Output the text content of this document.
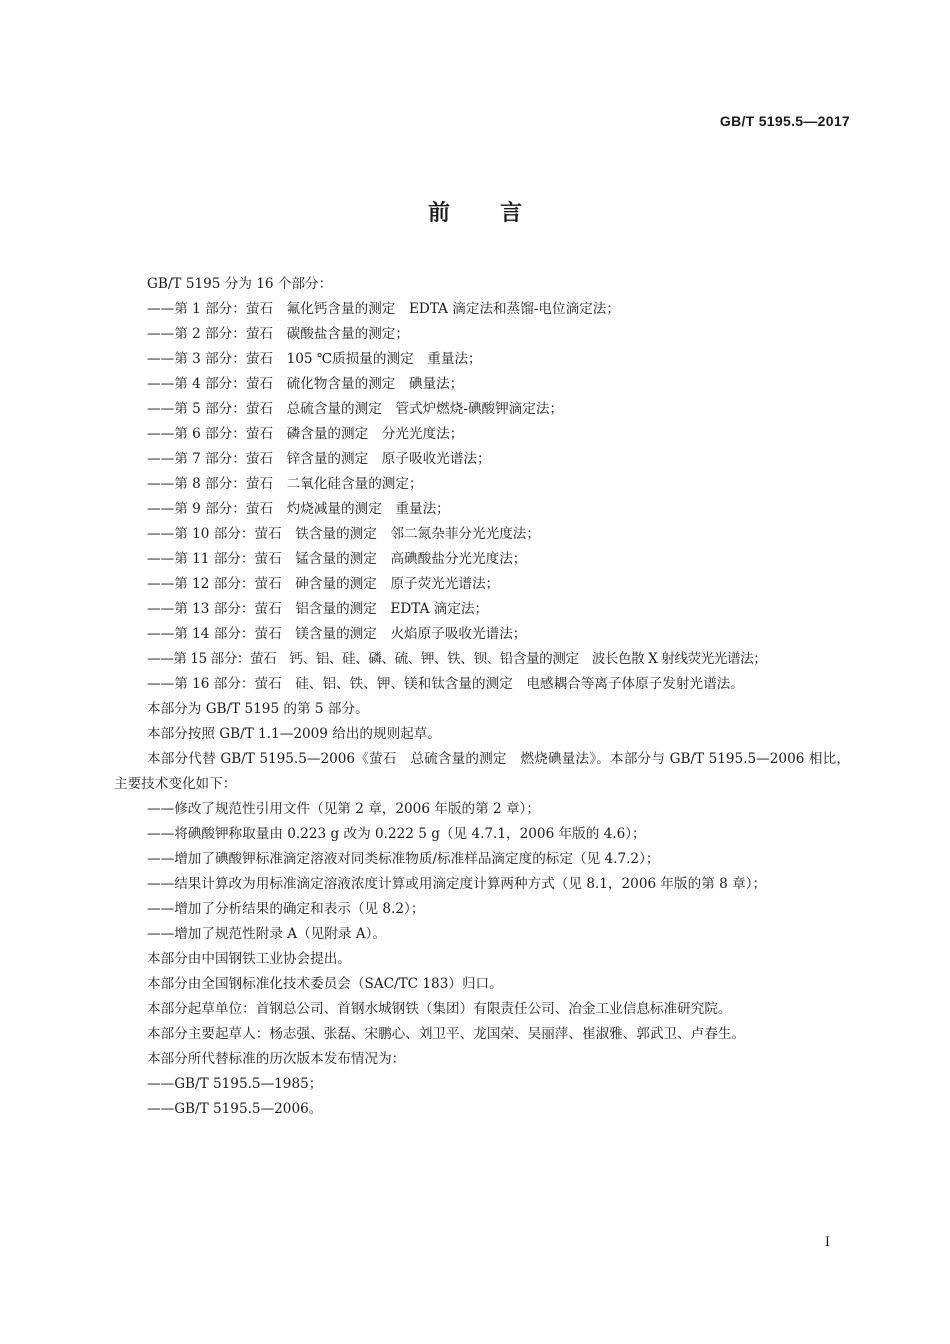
GB/T 5195.5—2017
前言

GB/T 5195 分为 16 个部分：

——第 1 部分：萤石　氟化钙含量的测定　EDTA 滴定法和蒸馏-电位滴定法；

——第 2 部分：萤石　碳酸盐含量的测定；

——第 3 部分：萤石　105 ℃质损量的测定　重量法；

——第 4 部分：萤石　硫化物含量的测定　碘量法；

——第 5 部分：萤石　总硫含量的测定　管式炉燃烧-碘酸钾滴定法；

——第 6 部分：萤石　磷含量的测定　分光光度法；

——第 7 部分：萤石　锌含量的测定　原子吸收光谱法；

——第 8 部分：萤石　二氧化硅含量的测定；

——第 9 部分：萤石　灼烧减量的测定　重量法；

——第 10 部分：萤石　铁含量的测定　邻二氮杂菲分光光度法；

——第 11 部分：萤石　锰含量的测定　高碘酸盐分光光度法；

——第 12 部分：萤石　砷含量的测定　原子荧光光谱法；

——第 13 部分：萤石　铝含量的测定　EDTA 滴定法；

——第 14 部分：萤石　镁含量的测定　火焰原子吸收光谱法；

——第 15 部分：萤石　钙、铝、硅、磷、硫、钾、铁、钡、铅含量的测定　波长色散 X 射线荧光光谱法；

——第 16 部分：萤石　硅、铝、铁、钾、镁和钛含量的测定　电感耦合等离子体原子发射光谱法。

本部分为 GB/T 5195 的第 5 部分。

本部分按照 GB/T 1.1—2009 给出的规则起草。

本部分代替 GB/T 5195.5—2006《萤石　总硫含量的测定　燃烧碘量法》。本部分与 GB/T 5195.5—2006 相比，主要技术变化如下：

——修改了规范性引用文件（见第 2 章，2006 年版的第 2 章）；

——将碘酸钾称取量由 0.223 g 改为 0.222 5 g（见 4.7.1，2006 年版的 4.6）；

——增加了碘酸钾标准滴定溶液对同类标准物质/标准样品滴定度的标定（见 4.7.2）；

——结果计算改为用标准滴定溶液浓度计算或用滴定度计算两种方式（见 8.1，2006 年版的第 8 章）；

——增加了分析结果的确定和表示（见 8.2）；

——增加了规范性附录 A（见附录 A）。

本部分由中国钢铁工业协会提出。

本部分由全国钢标准化技术委员会（SAC/TC 183）归口。

本部分起草单位：首钢总公司、首钢水城钢铁（集团）有限责任公司、冶金工业信息标准研究院。

本部分主要起草人：杨志强、张磊、宋鹏心、刘卫平、龙国荣、吴丽萍、崔淑雅、郭武卫、卢春生。

本部分所代替标准的历次版本发布情况为：

——GB/T 5195.5—1985；

——GB/T 5195.5—2006。

I
